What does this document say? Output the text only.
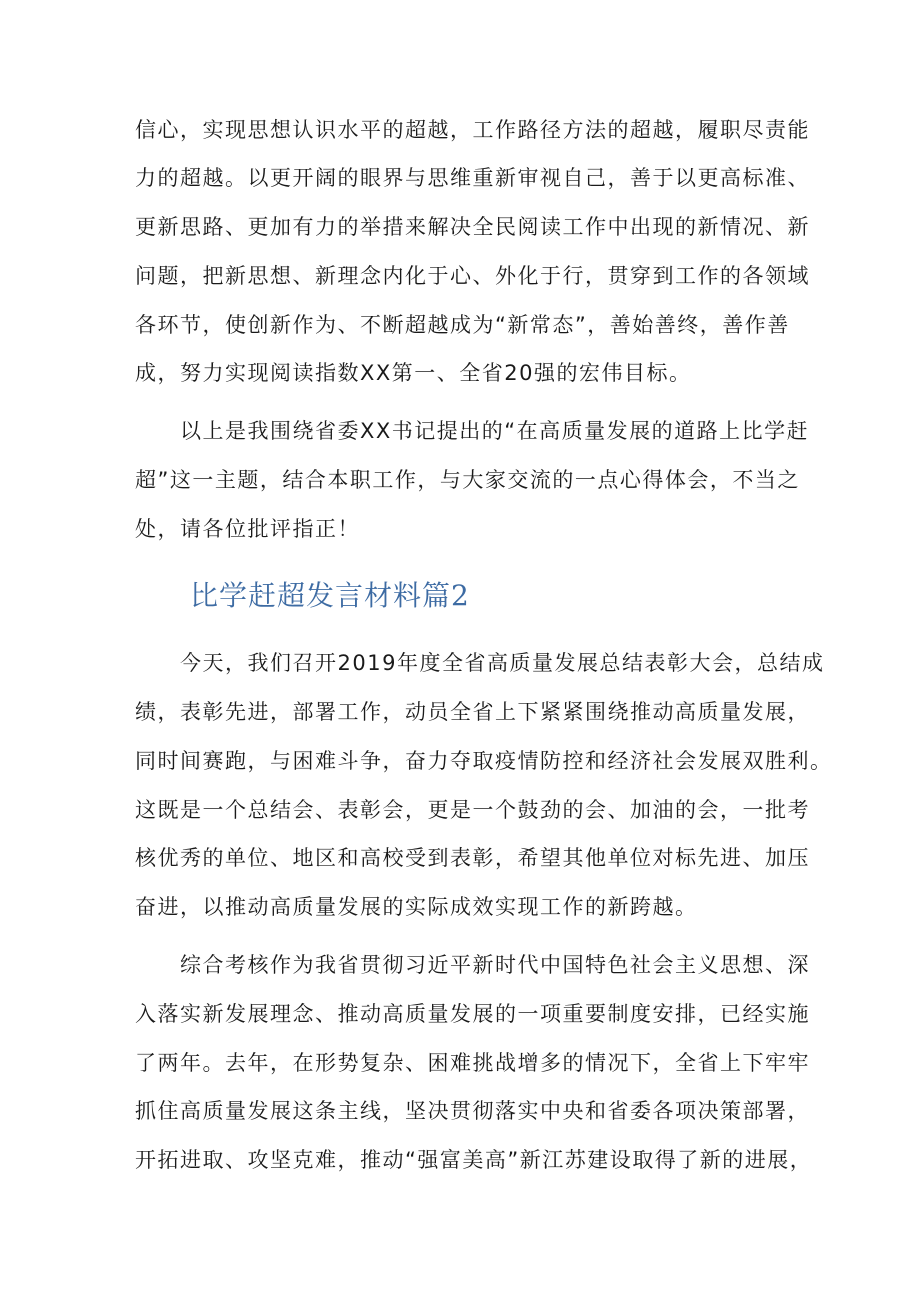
信心，实现思想认识水平的超越，工作路径方法的超越，履职尽责能
力的超越。以更开阔的眼界与思维重新审视自己，善于以更高标准、
更新思路、更加有力的举措来解决全民阅读工作中出现的新情况、新
问题，把新思想、新理念内化于心、外化于行，贯穿到工作的各领域
各环节，使创新作为、不断超越成为“新常态”，善始善终，善作善
成，努力实现阅读指数XX第一、全省20强的宏伟目标。
以上是我围绕省委XX书记提出的“在高质量发展的道路上比学赶
超”这一主题，结合本职工作，与大家交流的一点心得体会，不当之
处，请各位批评指正！
比学赶超发言材料篇2
今天，我们召开2019年度全省高质量发展总结表彰大会，总结成
绩，表彰先进，部署工作，动员全省上下紧紧围绕推动高质量发展，
同时间赛跑，与困难斗争，奋力夺取疫情防控和经济社会发展双胜利。
这既是一个总结会、表彰会，更是一个鼓劲的会、加油的会，一批考
核优秀的单位、地区和高校受到表彰，希望其他单位对标先进、加压
奋进，以推动高质量发展的实际成效实现工作的新跨越。
综合考核作为我省贯彻习近平新时代中国特色社会主义思想、深
入落实新发展理念、推动高质量发展的一项重要制度安排，已经实施
了两年。去年，在形势复杂、困难挑战增多的情况下，全省上下牢牢
抓住高质量发展这条主线，坚决贯彻落实中央和省委各项决策部署，
开拓进取、攻坚克难，推动“强富美高”新江苏建设取得了新的进展，
